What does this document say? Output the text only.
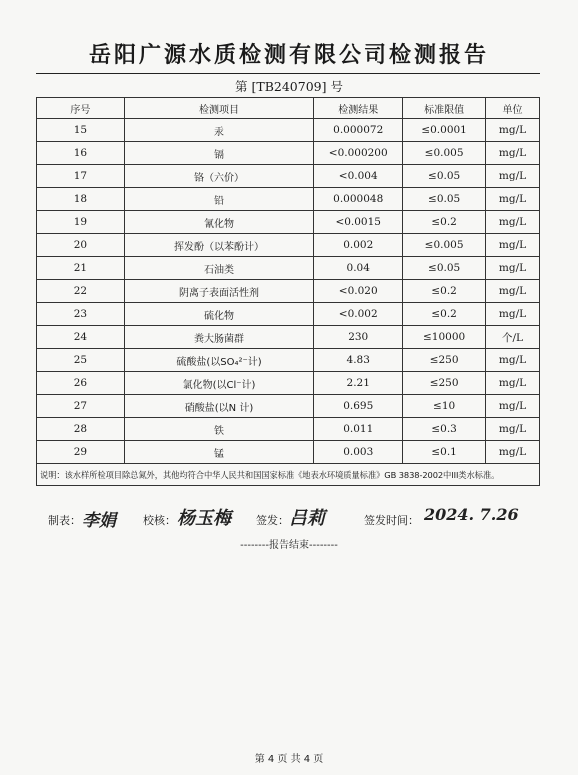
岳阳广源水质检测有限公司检测报告
第 [TB240709] 号
序号	检测项目	检测结果	标准限值	单位
15	汞	0.000072	≤0.0001	mg/L
16	镉	<0.000200	≤0.005	mg/L
17	铬（六价）	<0.004	≤0.05	mg/L
18	铅	0.000048	≤0.05	mg/L
19	氰化物	<0.0015	≤0.2	mg/L
20	挥发酚（以苯酚计）	0.002	≤0.005	mg/L
21	石油类	0.04	≤0.05	mg/L
22	阴离子表面活性剂	<0.020	≤0.2	mg/L
23	硫化物	<0.002	≤0.2	mg/L
24	粪大肠菌群	230	≤10000	个/L
25	硫酸盐(以SO₄²⁻计)	4.83	≤250	mg/L
26	氯化物(以Cl⁻计)	2.21	≤250	mg/L
27	硝酸盐(以N 计)	0.695	≤10	mg/L
28	铁	0.011	≤0.3	mg/L
29	锰	0.003	≤0.1	mg/L
说明：该水样所检项目除总氮外，其他均符合中华人民共和国国家标准《地表水环境质量标准》GB 3838-2002中III类水标准。				
制表： 李娟 校核： 杨玉梅 签发： 吕莉	签发时间： 2024. 7.26
--------报告结束--------
第 4 页 共 4 页
